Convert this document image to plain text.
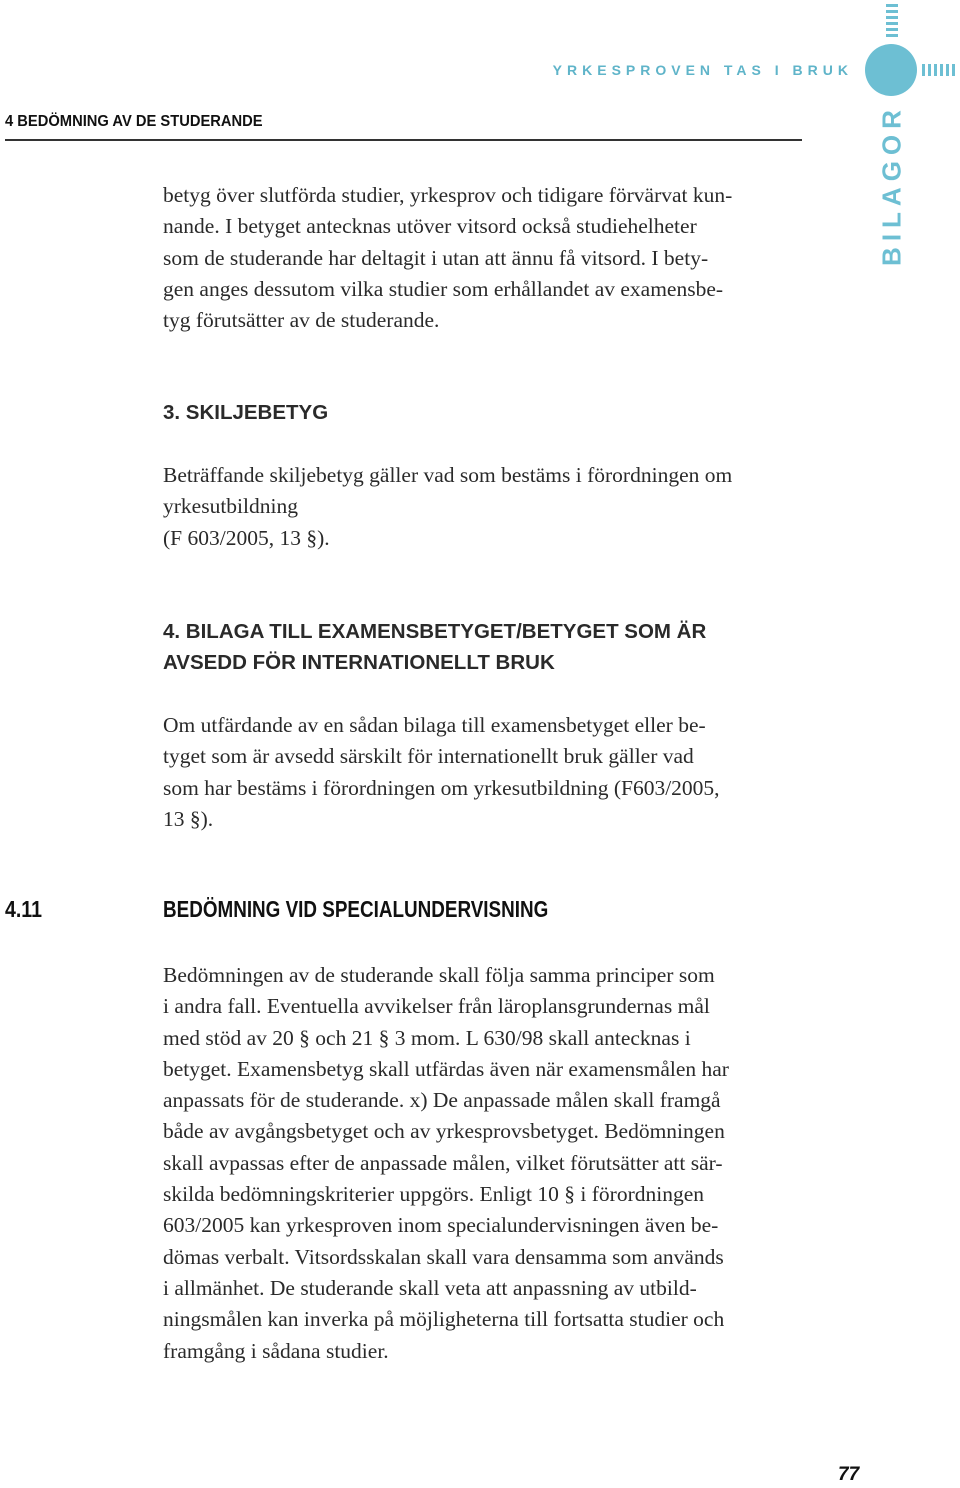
YRKESPROVEN TAS I BRUK
BILAGOR
4 BEDÖMNING AV DE STUDERANDE
betyg över slutförda studier, yrkesprov och tidigare förvärvat kun-
nande. I betyget antecknas utöver vitsord också studiehelheter
som de studerande har deltagit i utan att ännu få vitsord. I bety-
gen anges dessutom vilka studier som erhållandet av examensbe-
tyg förutsätter av de studerande.
3. SKILJEBETYG
Beträffande skiljebetyg gäller vad som bestäms i förordningen om
yrkesutbildning
(F 603/2005, 13 §).
4. BILAGA TILL EXAMENSBETYGET/BETYGET SOM ÄR
AVSEDD FÖR INTERNATIONELLT BRUK
Om utfärdande av en sådan bilaga till examensbetyget eller be-
tyget som är avsedd särskilt för internationellt bruk gäller vad
som har bestäms i förordningen om yrkesutbildning (F603/2005,
13 §).
4.11	BEDÖMNING VID SPECIALUNDERVISNING
Bedömningen av de studerande skall följa samma principer som
i andra fall. Eventuella avvikelser från läroplansgrundernas mål
med stöd av 20 § och 21 § 3 mom. L 630/98 skall antecknas i
betyget. Examensbetyg skall utfärdas även när examensmålen har
anpassats för de studerande. x) De anpassade målen skall framgå
både av avgångsbetyget och av yrkesprovsbetyget. Bedömningen
skall avpassas efter de anpassade målen, vilket förutsätter att sär-
skilda bedömningskriterier uppgörs. Enligt 10 § i förordningen
603/2005 kan yrkesproven inom specialundervisningen även be-
dömas verbalt. Vitsordsskalan skall vara densamma som används
i allmänhet. De studerande skall veta att anpassning av utbild-
ningsmålen kan inverka på möjligheterna till fortsatta studier och
framgång i sådana studier.
77
